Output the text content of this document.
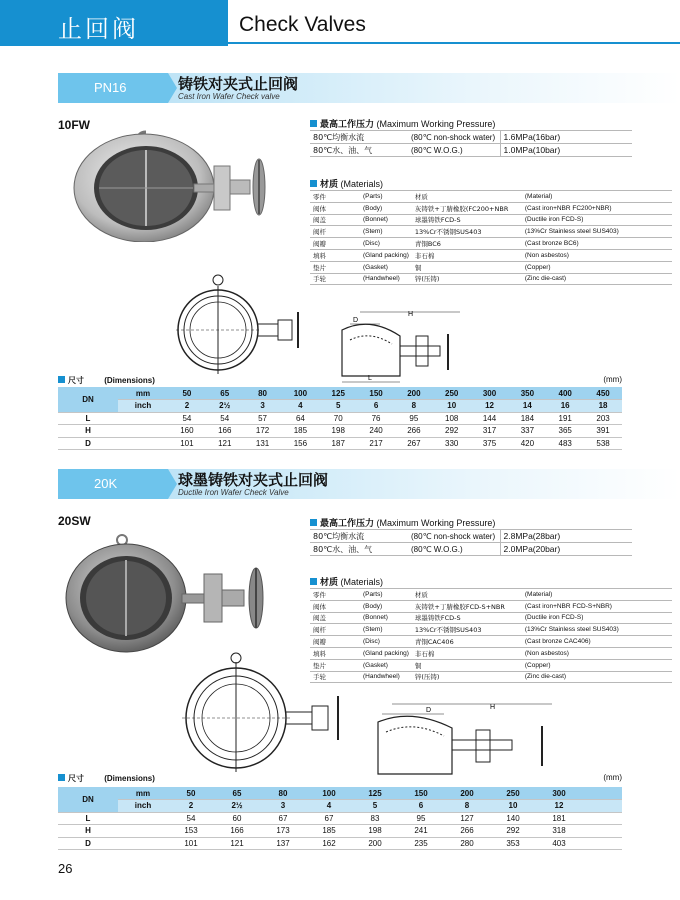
止回阀	Check Valves
PN16	铸铁对夹式止回阀
Cast Iron Wafer Check valve
10FW
H
D
L
最高工作压力 (Maximum Working Pressure)
80℃均衡水流	(80℃ non-shock water)	1.6MPa(16bar)
80℃水、油、气	(80℃ W.O.G.)	1.0MPa(10bar)
材质 (Materials)
零件	(Parts)	材质	(Material)
阀体	(Body)	灰铸铁+丁腈橡胶(FC200+NBR	(Cast iron+NBR FC200+NBR)
阀盖	(Bonnet)	球墨铸铁FCD-S	(Ductile iron FCD-S)
阀杆	(Stem)	13%Cr不锈钢SUS403	(13%Cr Stainless steel SUS403)
阀瓣	(Disc)	青铜BC6	(Cast bronze BC6)
填料	(Gland packing)	非石棉	(Non asbestos)
垫片	(Gasket)	铜	(Copper)
手轮	(Handwheel)	锌(压铸)	(Zinc die-cast)
尺寸	(Dimensions)	(mm)
DN	mm	50	65	80	100	125	150	200	250	300	350	400	450
	inch	2	2½	3	4	5	6	8	10	12	14	16	18
L		54	54	57	64	70	76	95	108	144	184	191	203
H		160	166	172	185	198	240	266	292	317	337	365	391
D		101	121	131	156	187	217	267	330	375	420	483	538
20K	球墨铸铁对夹式止回阀
Ductile Iron Wafer Check Valve
20SW
H
D
最高工作压力 (Maximum Working Pressure)
80℃均衡水流	(80℃ non-shock water)	2.8MPa(28bar)
80℃水、油、气	(80℃ W.O.G.)	2.0MPa(20bar)
材质 (Materials)
零件	(Parts)	材质	(Material)
阀体	(Body)	灰铸铁+丁腈橡胶FCD-S+NBR	(Cast iron+NBR FCD-S+NBR)
阀盖	(Bonnet)	球墨铸铁FCD-S	(Ductile iron FCD-S)
阀杆	(Stem)	13%Cr不锈钢SUS403	(13%Cr Stainless steel SUS403)
阀瓣	(Disc)	青铜CAC406	(Cast bronze CAC406)
填料	(Gland packing)	非石棉	(Non asbestos)
垫片	(Gasket)	铜	(Copper)
手轮	(Handwheel)	锌(压铸)	(Zinc die-cast)
尺寸	(Dimensions)	(mm)
DN	mm	50	65	80	100	125	150	200	250	300	
	inch	2	2½	3	4	5	6	8	10	12	
L		54	60	67	67	83	95	127	140	181	
H		153	166	173	185	198	241	266	292	318	
D		101	121	137	162	200	235	280	353	403	
26
